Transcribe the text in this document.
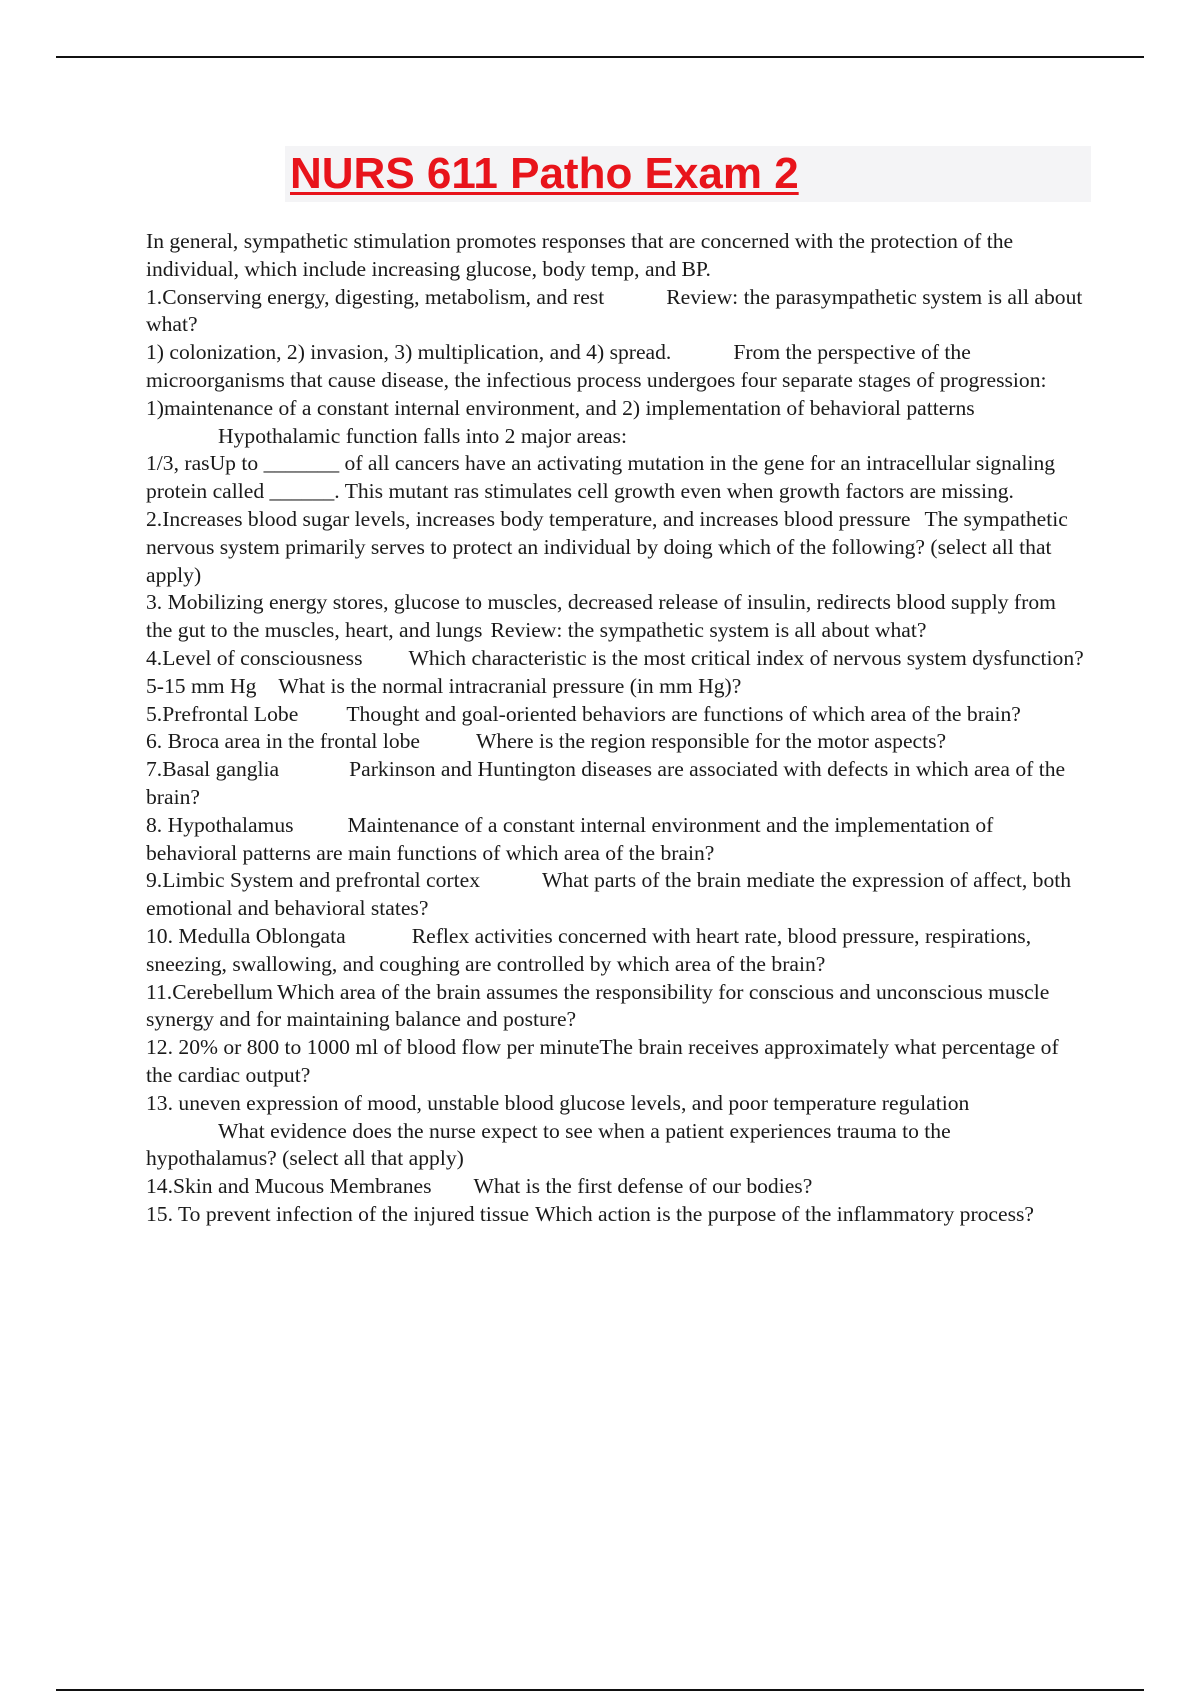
NURS 611 Patho Exam 2

In general, sympathetic stimulation promotes responses that are concerned with the protection of the individual, which include increasing glucose, body temp, and BP.

1.Conserving energy, digesting, metabolism, and rest	Review: the parasympathetic system is all about what?

1) colonization, 2) invasion, 3) multiplication, and 4) spread.	From the perspective of the microorganisms that cause disease, the infectious process undergoes four separate stages of progression:

1)maintenance of a constant internal environment, and 2) implementation of behavioral patterns
Hypothalamic function falls into 2 major areas:

1/3, rasUp to _______ of all cancers have an activating mutation in the gene for an intracellular signaling protein called ______. This mutant ras stimulates cell growth even when growth factors are missing.

2.Increases blood sugar levels, increases body temperature, and increases blood pressure The sympathetic nervous system primarily serves to protect an individual by doing which of the following? (select all that apply)

3. Mobilizing energy stores, glucose to muscles, decreased release of insulin, redirects blood supply from the gut to the muscles, heart, and lungs Review: the sympathetic system is all about what?

4.Level of consciousness Which characteristic is the most critical index of nervous system dysfunction?

5-15 mm Hg What is the normal intracranial pressure (in mm Hg)?

5.Prefrontal Lobe Thought and goal-oriented behaviors are functions of which area of the brain?

6. Broca area in the frontal lobe	Where is the region responsible for the motor aspects?

7.Basal ganglia	Parkinson and Huntington diseases are associated with defects in which area of the brain?

8. Hypothalamus	Maintenance of a constant internal environment and the implementation of behavioral patterns are main functions of which area of the brain?

9.Limbic System and prefrontal cortex	What parts of the brain mediate the expression of affect, both emotional and behavioral states?

10. Medulla Oblongata	Reflex activities concerned with heart rate, blood pressure, respirations, sneezing, swallowing, and coughing are controlled by which area of the brain?

11.Cerebellum Which area of the brain assumes the responsibility for conscious and unconscious muscle synergy and for maintaining balance and posture?

12. 20% or 800 to 1000 ml of blood flow per minuteThe brain receives approximately what percentage of the cardiac output?

13. uneven expression of mood, unstable blood glucose levels, and poor temperature regulation
What evidence does the nurse expect to see when a patient experiences trauma to the hypothalamus? (select all that apply)

14.Skin and Mucous Membranes What is the first defense of our bodies?

15. To prevent infection of the injured tissue Which action is the purpose of the inflammatory process?
